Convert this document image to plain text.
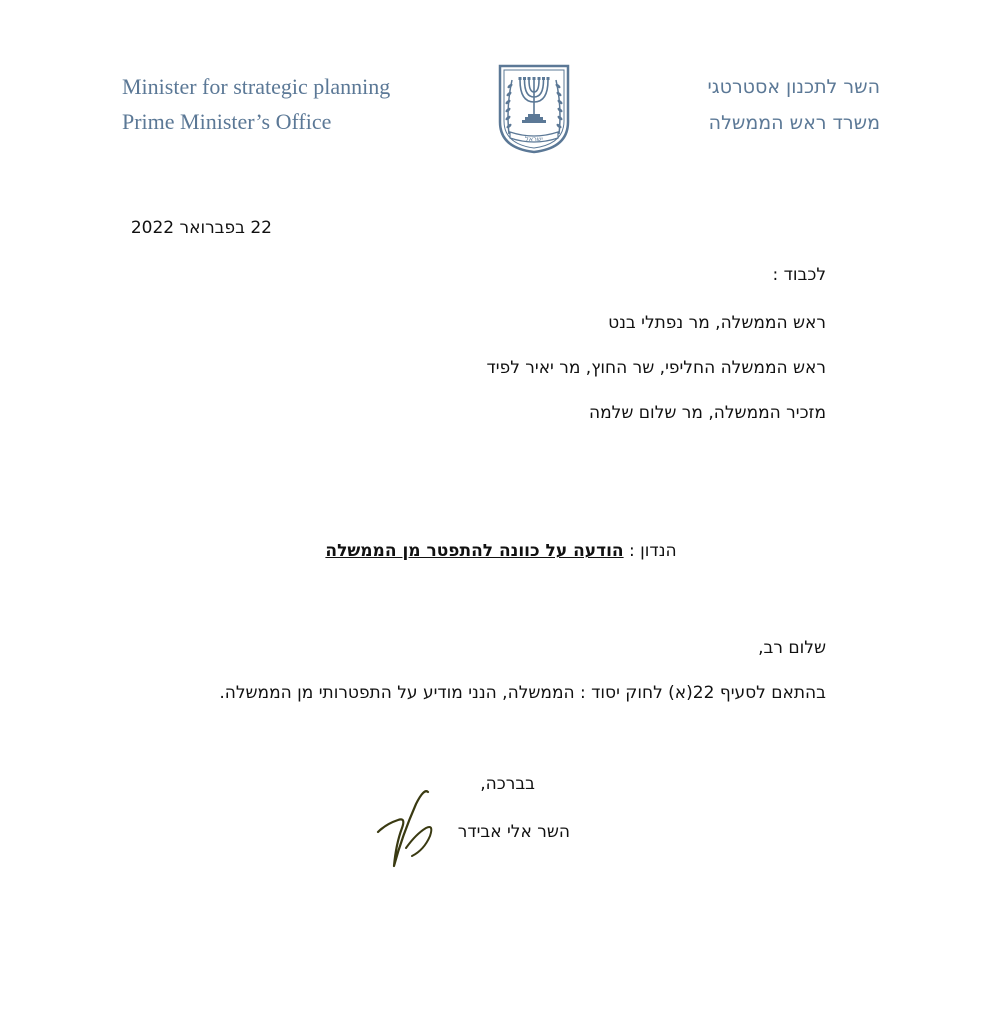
Minister for strategic planning
Prime Minister’s Office
ישראל
השר לתכנון אסטרטגי
משרד ראש הממשלה
22 בפברואר 2022
לכבוד :
ראש הממשלה, מר נפתלי בנט
ראש הממשלה החליפי, שר החוץ, מר יאיר לפיד
מזכיר הממשלה, מר שלום שלמה
הנדון : הודעה על כוונה להתפטר מן הממשלה
שלום רב,
בהתאם לסעיף 22(א) לחוק יסוד : הממשלה, הנני מודיע על התפטרותי מן הממשלה.
בברכה,
השר אלי אבידר
